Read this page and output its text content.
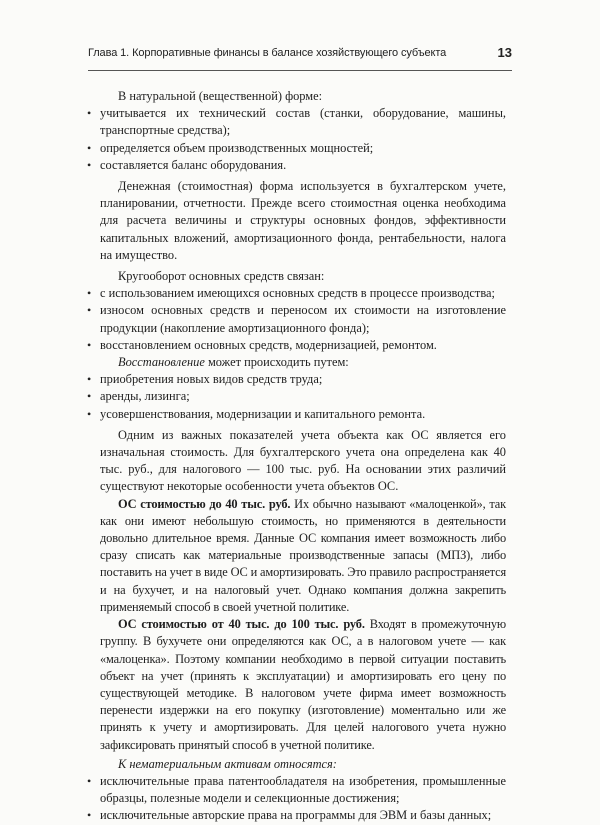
Глава 1. Корпоративные финансы в балансе хозяйствующего субъекта	13

В натуральной (вещественной) форме:

• учитывается их технический состав (станки, оборудование, машины, транспортные средства);
• определяется объем производственных мощностей;
• составляется баланс оборудования.

Денежная (стоимостная) форма используется в бухгалтерском учете, планировании, отчетности. Прежде всего стоимостная оценка необходима для расчета величины и структуры основных фондов, эффективности капитальных вложений, амортизационного фонда, рентабельности, налога на имущество.

Кругооборот основных средств связан:

• с использованием имеющихся основных средств в процессе производства;
• износом основных средств и переносом их стоимости на изготовление продукции (накопление амортизационного фонда);
• восстановлением основных средств, модернизацией, ремонтом.

Восстановление может происходить путем:

• приобретения новых видов средств труда;
• аренды, лизинга;
• усовершенствования, модернизации и капитального ремонта.

Одним из важных показателей учета объекта как ОС является его изначальная стоимость. Для бухгалтерского учета она определена как 40 тыс. руб., для налогового — 100 тыс. руб. На основании этих различий существуют некоторые особенности учета объектов ОС.

ОС стоимостью до 40 тыс. руб. Их обычно называют «малоценкой», так как они имеют небольшую стоимость, но применяются в деятельности довольно длительное время. Данные ОС компания имеет возможность либо сразу списать как материальные производственные запасы (МПЗ), либо поставить на учет в виде ОС и амортизировать. Это правило распространяется и на бухучет, и на налоговый учет. Однако компания должна закрепить применяемый способ в своей учетной политике.

ОС стоимостью от 40 тыс. до 100 тыс. руб. Входят в промежуточную группу. В бухучете они определяются как ОС, а в налоговом учете — как «малоценка». Поэтому компании необходимо в первой ситуации поставить объект на учет (принять к эксплуатации) и амортизировать его цену по существующей методике. В налоговом учете фирма имеет возможность перенести издержки на его покупку (изготовление) моментально или же принять к учету и амортизировать. Для целей налогового учета нужно зафиксировать принятый способ в учетной политике.

К нематериальным активам относятся:

• исключительные права патентообладателя на изобретения, промышленные образцы, полезные модели и селекционные достижения;
• исключительные авторские права на программы для ЭВМ и базы данных;
